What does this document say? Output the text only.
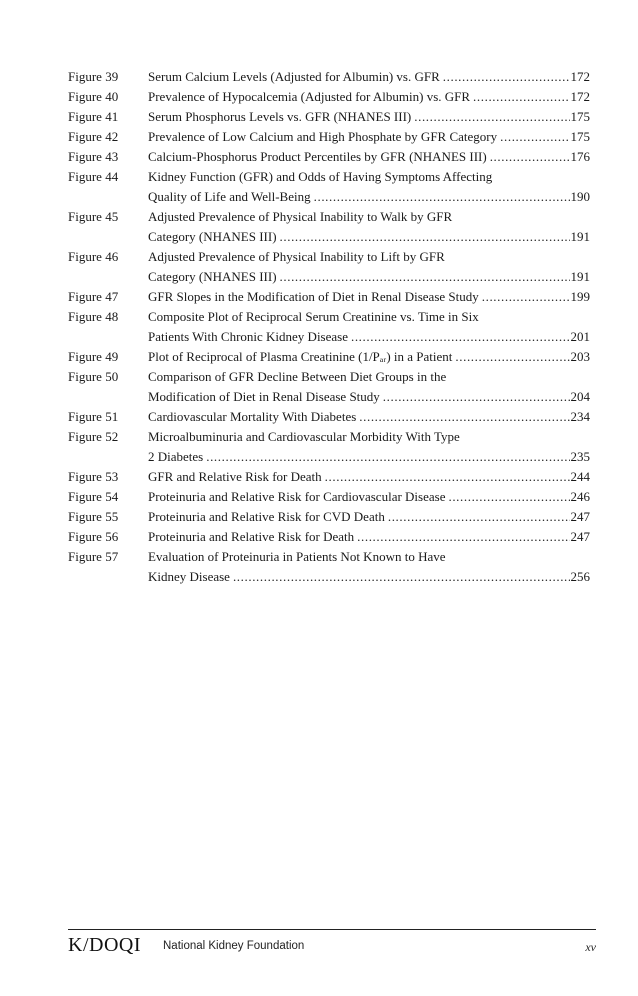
Figure 39	Serum Calcium Levels (Adjusted for Albumin) vs. GFR .....	172
Figure 40	Prevalence of Hypocalcemia (Adjusted for Albumin) vs. GFR .....	172
Figure 41	Serum Phosphorus Levels vs. GFR (NHANES III) .....	175
Figure 42	Prevalence of Low Calcium and High Phosphate by GFR Category .....	175
Figure 43	Calcium-Phosphorus Product Percentiles by GFR (NHANES III) .....	176
Figure 44	Kidney Function (GFR) and Odds of Having Symptoms Affecting
Quality of Life and Well-Being .....	190
Figure 45	Adjusted Prevalence of Physical Inability to Walk by GFR
Category (NHANES III) .....	191
Figure 46	Adjusted Prevalence of Physical Inability to Lift by GFR
Category (NHANES III) .....	191
Figure 47	GFR Slopes in the Modification of Diet in Renal Disease Study .....	199
Figure 48	Composite Plot of Reciprocal Serum Creatinine vs. Time in Six
Patients With Chronic Kidney Disease .....	201
Figure 49	Plot of Reciprocal of Plasma Creatinine (1/Pₐᵣ) in a Patient .....	203
Figure 50	Comparison of GFR Decline Between Diet Groups in the
Modification of Diet in Renal Disease Study .....	204
Figure 51	Cardiovascular Mortality With Diabetes .....	234
Figure 52	Microalbuminuria and Cardiovascular Morbidity With Type
2 Diabetes .....	235
Figure 53	GFR and Relative Risk for Death .....	244
Figure 54	Proteinuria and Relative Risk for Cardiovascular Disease .....	246
Figure 55	Proteinuria and Relative Risk for CVD Death .....	247
Figure 56	Proteinuria and Relative Risk for Death .....	247
Figure 57	Evaluation of Proteinuria in Patients Not Known to Have
Kidney Disease .....	256
K/DOQI National Kidney Foundation	xv
